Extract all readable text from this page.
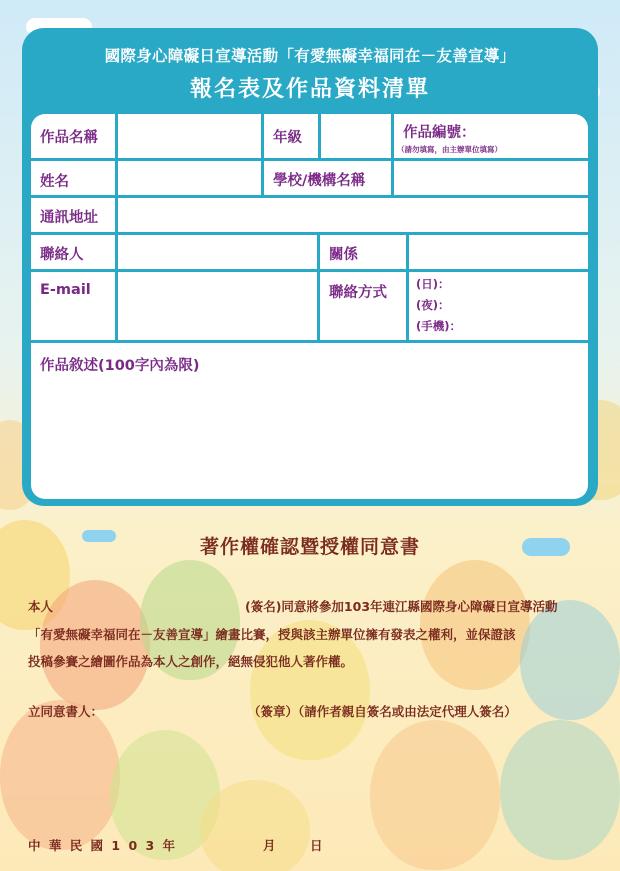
國際身心障礙日宣導活動「有愛無礙幸福同在－友善宣導」
報名表及作品資料清單
作品名稱	年級	作品編號：
（請勿填寫，由主辦單位填寫）
姓名	學校/機構名稱
通訊地址
聯絡人	關係
E-mail	聯絡方式
(日)：
(夜)：
(手機)：
作品敘述(100字內為限)
著作權確認暨授權同意書
本人	(簽名)同意將參加103年連江縣國際身心障礙日宣導活動
「有愛無礙幸福同在－友善宣導」繪畫比賽，授與該主辦單位擁有發表之權利，並保證該
投稿參賽之繪圖作品為本人之創作，絕無侵犯他人著作權。
立同意書人：	（簽章）（請作者親自簽名或由法定代理人簽名）
中 華 民 國 1 0 3 年	月	日
